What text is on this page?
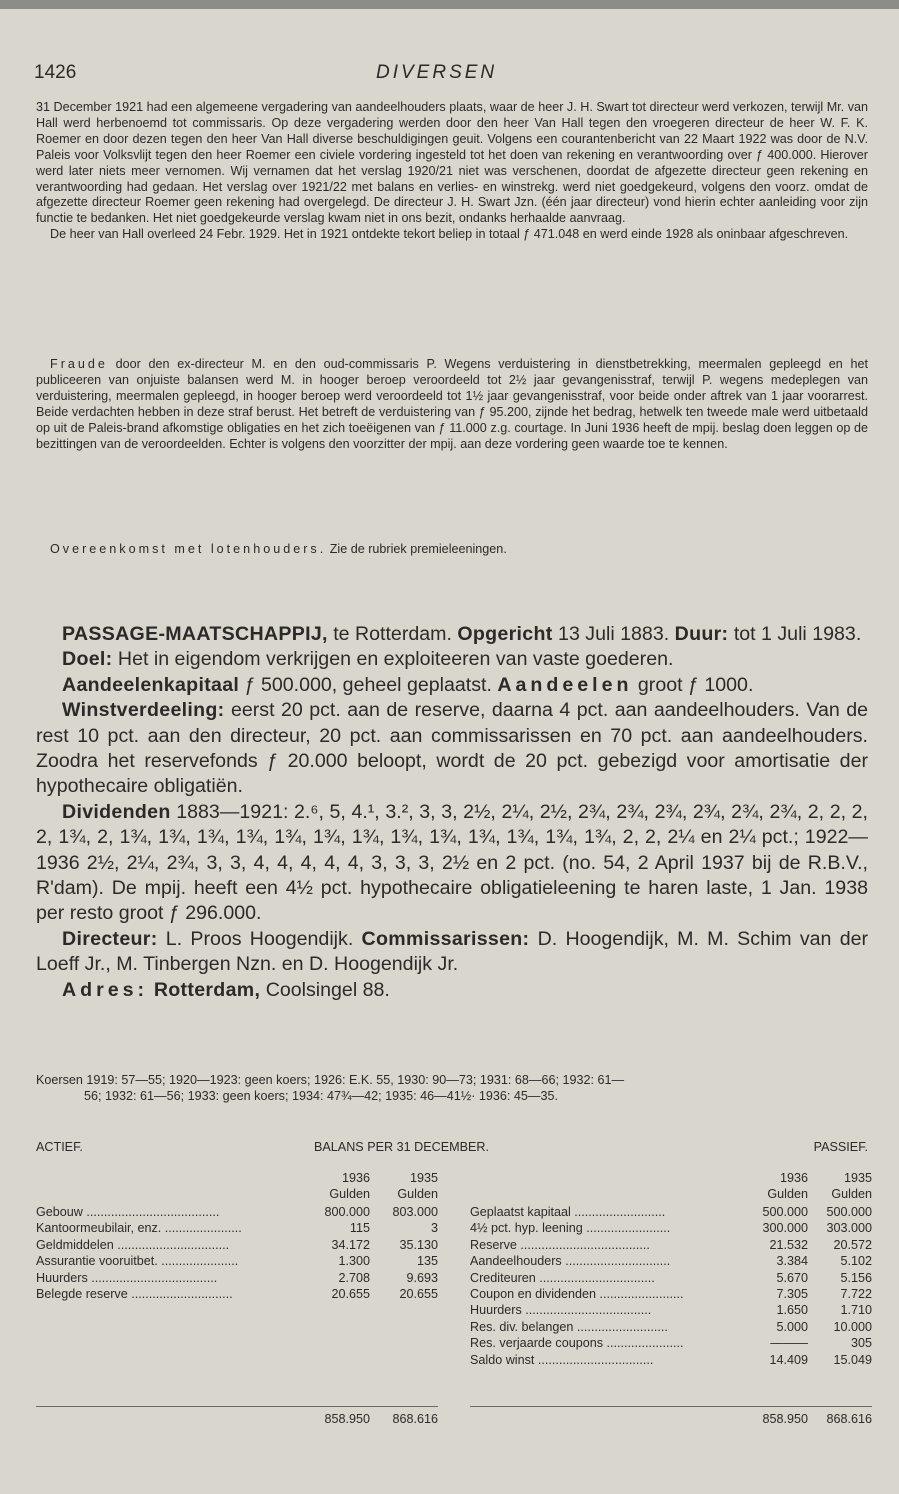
1426	DIVERSEN

31 December 1921 had een algemeene vergadering van aandeelhouders plaats, waar de heer J. H. Swart tot directeur werd verkozen, terwijl Mr. van Hall werd herbenoemd tot commissaris. Op deze vergadering werden door den heer Van Hall tegen den vroegeren directeur de heer W. F. K. Roemer en door dezen tegen den heer Van Hall diverse beschuldigingen geuit. Volgens een courantenbericht van 22 Maart 1922 was door de N.V. Paleis voor Volksvlijt tegen den heer Roemer een civiele vordering ingesteld tot het doen van rekening en verantwoording over ƒ 400.000. Hierover werd later niets meer vernomen. Wij vernamen dat het verslag 1920/21 niet was verschenen, doordat de afgezette directeur geen rekening en verantwoording had gedaan. Het verslag over 1921/22 met balans en verlies- en winstrekg. werd niet goedgekeurd, volgens den voorz. omdat de afgezette directeur Roemer geen rekening had overgelegd. De directeur J. H. Swart Jzn. (één jaar directeur) vond hierin echter aanleiding voor zijn functie te bedanken. Het niet goedgekeurde verslag kwam niet in ons bezit, ondanks herhaalde aanvraag.

De heer van Hall overleed 24 Febr. 1929. Het in 1921 ontdekte tekort beliep in totaal ƒ 471.048 en werd einde 1928 als oninbaar afgeschreven.

Fraude door den ex-directeur M. en den oud-commissaris P. Wegens verduistering in dienstbetrekking, meermalen gepleegd en het publiceeren van onjuiste balansen werd M. in hooger beroep veroordeeld tot 2½ jaar gevangenisstraf, terwijl P. wegens medeplegen van verduistering, meermalen gepleegd, in hooger beroep werd veroordeeld tot 1½ jaar gevangenisstraf, voor beide onder aftrek van 1 jaar voorarrest. Beide verdachten hebben in deze straf berust. Het betreft de verduistering van ƒ 95.200, zijnde het bedrag, hetwelk ten tweede male werd uitbetaald op uit de Paleis-brand afkomstige obligaties en het zich toeëigenen van ƒ 11.000 z.g. courtage. In Juni 1936 heeft de mpij. beslag doen leggen op de bezittingen van de veroordeelden. Echter is volgens den voorzitter der mpij. aan deze vordering geen waarde toe te kennen.

Overeenkomst met lotenhouders. Zie de rubriek premieleeningen.

PASSAGE-MAATSCHAPPIJ, te Rotterdam. Opgericht 13 Juli 1883. Duur: tot 1 Juli 1983.

Doel: Het in eigendom verkrijgen en exploiteeren van vaste goederen.

Aandeelenkapitaal ƒ 500.000, geheel geplaatst. Aandeelen groot ƒ 1000.

Winstverdeeling: eerst 20 pct. aan de reserve, daarna 4 pct. aan aandeelhouders. Van de rest 10 pct. aan den directeur, 20 pct. aan commissarissen en 70 pct. aan aandeelhouders. Zoodra het reservefonds ƒ 20.000 beloopt, wordt de 20 pct. gebezigd voor amortisatie der hypothecaire obligatiën.

Dividenden 1883—1921: 2.⁶, 5, 4.¹, 3.², 3, 3, 2½, 2¼, 2½, 2¾, 2¾, 2¾, 2¾, 2¾, 2¾, 2, 2, 2, 2, 1¾, 2, 1¾, 1¾, 1¾, 1¾, 1¾, 1¾, 1¾, 1¾, 1¾, 1¾, 1¾, 1¾, 1¾, 2, 2, 2¼ en 2¼ pct.; 1922—1936 2½, 2¼, 2¾, 3, 3, 4, 4, 4, 4, 4, 3, 3, 3, 2½ en 2 pct. (no. 54, 2 April 1937 bij de R.B.V., R'dam). De mpij. heeft een 4½ pct. hypothecaire obligatieleening te haren laste, 1 Jan. 1938 per resto groot ƒ 296.000.

Directeur: L. Proos Hoogendijk. Commissarissen: D. Hoogendijk, M. M. Schim van der Loeff Jr., M. Tinbergen Nzn. en D. Hoogendijk Jr.

Adres: Rotterdam, Coolsingel 88.

Koersen 1919: 57—55; 1920—1923: geen koers; 1926: E.K. 55, 1930: 90—73; 1931: 68—66; 1932: 61—
56; 1932: 61—56; 1933: geen koers; 1934: 47¾—42; 1935: 46—41½· 1936: 45—35.
ACTIEF.	BALANS PER 31 DECEMBER.	PASSIEF.
1936	1935
Gulden	Gulden
1936	1935
Gulden	Gulden
Gebouw ......................................	800.000	803.000
Kantoormeubilair, enz. ......................	115	3
Geldmiddelen ................................	34.172	35.130
Assurantie vooruitbet. ......................	1.300	135
Huurders ....................................	2.708	9.693
Belegde reserve .............................	20.655	20.655
Geplaatst kapitaal ..........................	500.000	500.000
4½ pct. hyp. leening ........................	300.000	303.000
Reserve .....................................	21.532	20.572
Aandeelhouders ..............................	3.384	5.102
Crediteuren .................................	5.670	5.156
Coupon en dividenden ........................	7.305	7.722
Huurders ....................................	1.650	1.710
Res. div. belangen ..........................	5.000	10.000
Res. verjaarde coupons ......................	———	305
Saldo winst .................................	14.409	15.049
858.950	868.616	858.950	868.616
